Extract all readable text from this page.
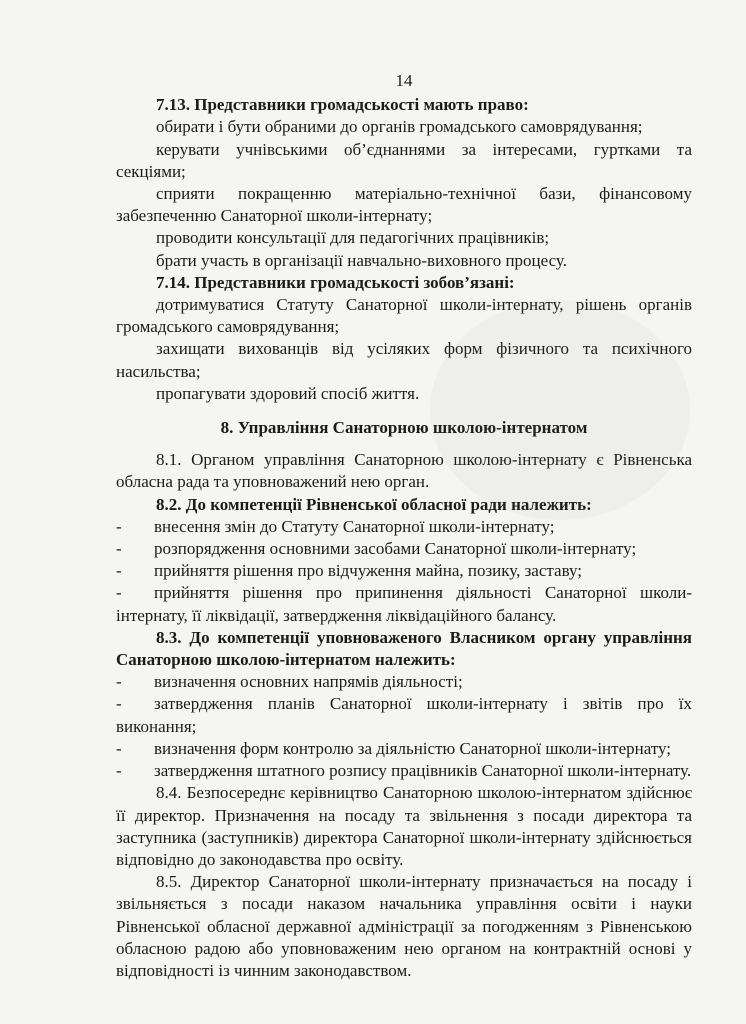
14

7.13. Представники громадськості мають право:

обирати і бути обраними до органів громадського самоврядування;

керувати учнівськими об’єднаннями за інтересами, гуртками та секціями;

сприяти покращенню матеріально-технічної бази, фінансовому забезпеченню Санаторної школи-інтернату;

проводити консультації для педагогічних працівників;

брати участь в організації навчально-виховного процесу.

7.14. Представники громадськості зобов’язані:

дотримуватися Статуту Санаторної школи-інтернату, рішень органів громадського самоврядування;

захищати вихованців від усіляких форм фізичного та психічного насильства;

пропагувати здоровий спосіб життя.

8. Управління Санаторною школою-інтернатом

8.1. Органом управління Санаторною школою-інтернату є Рівненська обласна рада та уповноважений нею орган.

8.2. До компетенції Рівненської обласної ради належить:

- внесення змін до Статуту Санаторної школи-інтернату;

- розпорядження основними засобами Санаторної школи-інтернату;

- прийняття рішення про відчуження майна, позику, заставу;

- прийняття рішення про припинення діяльності Санаторної школи-інтернату, її ліквідації, затвердження ліквідаційного балансу.

8.3. До компетенції уповноваженого Власником органу управління Санаторною школою-інтернатом належить:

- визначення основних напрямів діяльності;

- затвердження планів Санаторної школи-інтернату і звітів про їх виконання;

- визначення форм контролю за діяльністю Санаторної школи-інтернату;

- затвердження штатного розпису працівників Санаторної школи-інтернату.

8.4. Безпосереднє керівництво Санаторною школою-інтернатом здійснює її директор. Призначення на посаду та звільнення з посади директора та заступника (заступників) директора Санаторної школи-інтернату здійснюється відповідно до законодавства про освіту.

8.5. Директор Санаторної школи-інтернату призначається на посаду і звільняється з посади наказом начальника управління освіти і науки Рівненської обласної державної адміністрації за погодженням з Рівненською обласною радою або уповноваженим нею органом на контрактній основі у відповідності із чинним законодавством.
